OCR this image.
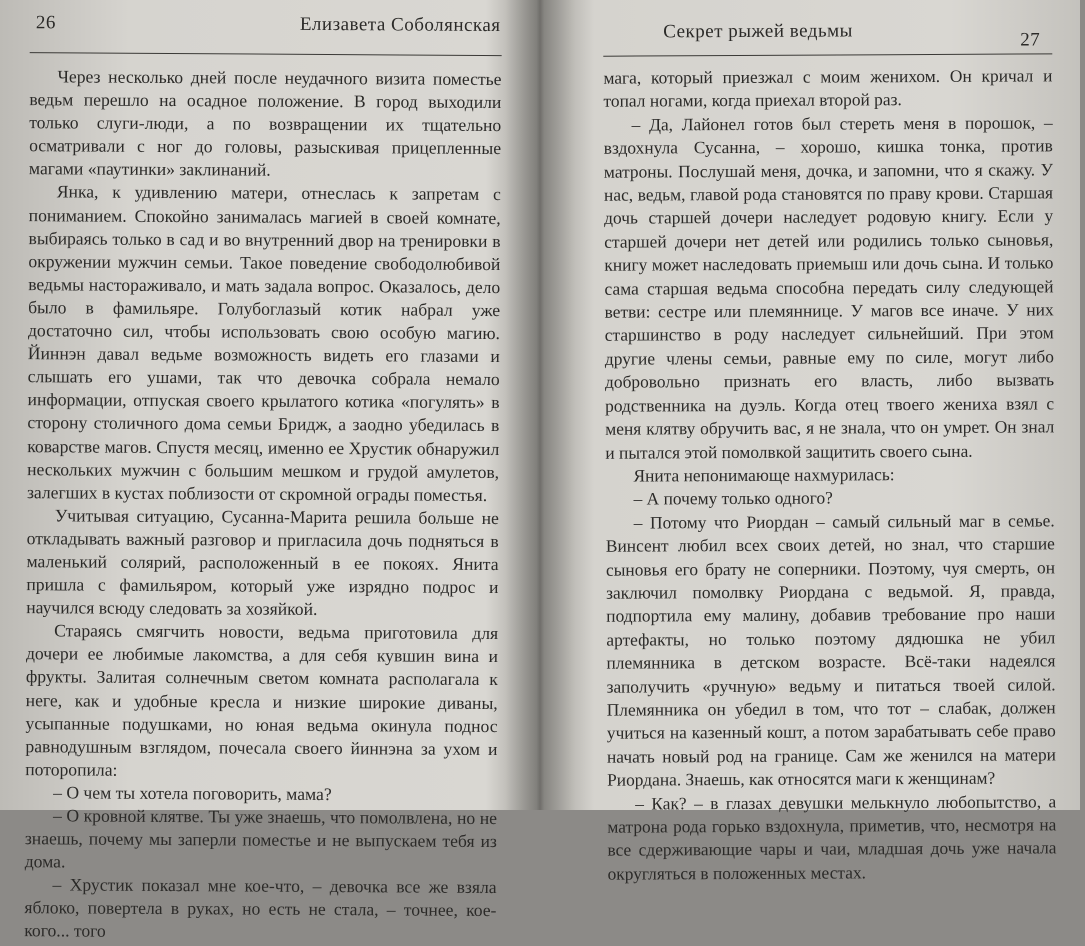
26	Елизавета Соболянская

Через несколько дней после неудачного визита поместье ведьм перешло на осадное положение. В город выходили только слуги-люди, а по возвращении их тщательно осматривали с ног до головы, разыскивая прицепленные магами «паутинки» заклинаний.

Янка, к удивлению матери, отнеслась к запретам с пониманием. Спокойно занималась магией в своей комнате, выбираясь только в сад и во внутренний двор на тренировки в окружении мужчин семьи. Такое поведение свободолюбивой ведьмы настораживало, и мать задала вопрос. Оказалось, дело было в фамильяре. Голубоглазый котик набрал уже достаточно сил, чтобы использовать свою особую магию. Йиннэн давал ведьме возможность видеть его глазами и слышать его ушами, так что девочка собрала немало информации, отпуская своего крылатого котика «погулять» в сторону столичного дома семьи Бридж, а заодно убедилась в коварстве магов. Спустя месяц, именно ее Хрустик обнаружил нескольких мужчин с большим мешком и грудой амулетов, залегших в кустах поблизости от скромной ограды поместья.

Учитывая ситуацию, Сусанна-Марита решила больше не откладывать важный разговор и пригласила дочь подняться в маленький солярий, расположенный в ее покоях. Янита пришла с фамильяром, который уже изрядно подрос и научился всюду следовать за хозяйкой.

Стараясь смягчить новости, ведьма приготовила для дочери ее любимые лакомства, а для себя кувшин вина и фрукты. Залитая солнечным светом комната располагала к неге, как и удобные кресла и низкие широкие диваны, усыпанные подушками, но юная ведьма окинула поднос равнодушным взглядом, почесала своего йиннэна за ухом и поторопила:

– О чем ты хотела поговорить, мама?

– О кровной клятве. Ты уже знаешь, что помолвлена, но не знаешь, почему мы заперли поместье и не выпускаем тебя из дома.

– Хрустик показал мне кое-что, – девочка все же взяла яблоко, повертела в руках, но есть не стала, – точнее, кое-кого... того

Секрет рыжей ведьмы	27

мага, который приезжал с моим женихом. Он кричал и топал ногами, когда приехал второй раз.

– Да, Лайонел готов был стереть меня в порошок, – вздохнула Сусанна, – хорошо, кишка тонка, против матроны. Послушай меня, дочка, и запомни, что я скажу. У нас, ведьм, главой рода становятся по праву крови. Старшая дочь старшей дочери наследует родовую книгу. Если у старшей дочери нет детей или родились только сыновья, книгу может наследовать приемыш или дочь сына. И только сама старшая ведьма способна передать силу следующей ветви: сестре или племяннице. У магов все иначе. У них старшинство в роду наследует сильнейший. При этом другие члены семьи, равные ему по силе, могут либо добровольно признать его власть, либо вызвать родственника на дуэль. Когда отец твоего жениха взял с меня клятву обручить вас, я не знала, что он умрет. Он знал и пытался этой помолвкой защитить своего сына.

Янита непонимающе нахмурилась:

– А почему только одного?

– Потому что Риордан – самый сильный маг в семье. Винсент любил всех своих детей, но знал, что старшие сыновья его брату не соперники. Поэтому, чуя смерть, он заключил помолвку Риордана с ведьмой. Я, правда, подпортила ему малину, добавив требование про наши артефакты, но только поэтому дядюшка не убил племянника в детском возрасте. Всё-таки надеялся заполучить «ручную» ведьму и питаться твоей силой. Племянника он убедил в том, что тот – слабак, должен учиться на казенный кошт, а потом зарабатывать себе право начать новый род на границе. Сам же женился на матери Риордана. Знаешь, как относятся маги к женщинам?

– Как? – в глазах девушки мелькнуло любопытство, а матрона рода горько вздохнула, приметив, что, несмотря на все сдерживающие чары и чаи, младшая дочь уже начала округляться в положенных местах.
